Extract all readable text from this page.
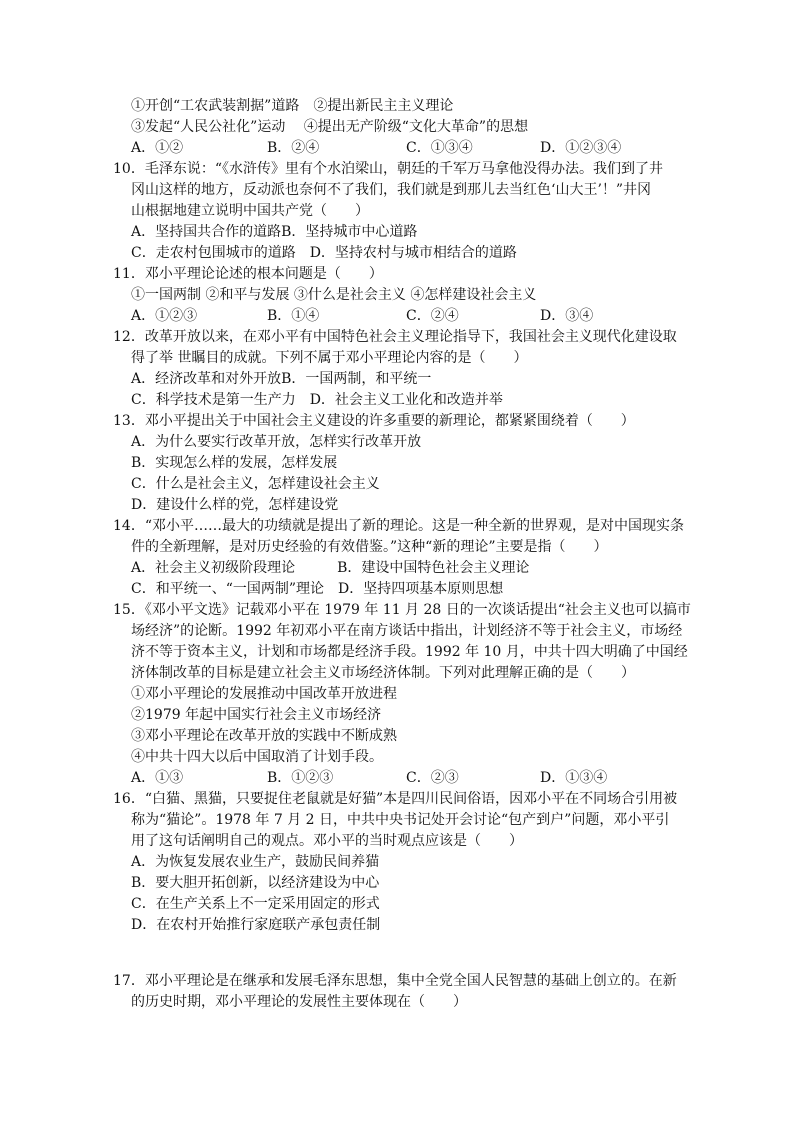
①开创“工农武装割据”道路　②提出新民主主义理论
③发起“人民公社化”运动　 ④提出无产阶级“文化大革命”的思想
A．①②	B．②④	C．①③④	D．①②③④
10．毛泽东说：“《水浒传》里有个水泊梁山，朝廷的千军万马拿他没得办法。我们到了井
冈山这样的地方，反动派也奈何不了我们，我们就是到那儿去当红色‘山大王’！”井冈
山根据地建立说明中国共产党（　　）
A．坚持国共合作的道路B．坚持城市中心道路
C．走农村包围城市的道路　D．坚持农村与城市相结合的道路
11．邓小平理论论述的根本问题是（　　）
①一国两制 ②和平与发展 ③什么是社会主义 ④怎样建设社会主义
A．①②③	B．①④	C．②④	D．③④
12．改革开放以来，在邓小平有中国特色社会主义理论指导下，我国社会主义现代化建设取
得了举 世瞩目的成就。下列不属于邓小平理论内容的是（　　）
A．经济改革和对外开放B．一国两制，和平统一
C．科学技术是第一生产力　D．社会主义工业化和改造并举
13．邓小平提出关于中国社会主义建设的许多重要的新理论，都紧紧围绕着（　　）
A．为什么要实行改革开放，怎样实行改革开放
B．实现怎么样的发展，怎样发展
C．什么是社会主义，怎样建设社会主义
D．建设什么样的党，怎样建设党
14．“邓小平……最大的功绩就是提出了新的理论。这是一种全新的世界观，是对中国现实条
件的全新理解，是对历史经验的有效借鉴。”这种“新的理论”主要是指（　　）
A．社会主义初级阶段理论　　　B．建设中国特色社会主义理论
C．和平统一、“一国两制”理论　D．坚持四项基本原则思想
15．《邓小平文选》记载邓小平在 1979 年 11 月 28 日的一次谈话提出“社会主义也可以搞市
场经济”的论断。1992 年初邓小平在南方谈话中指出，计划经济不等于社会主义，市场经
济不等于资本主义，计划和市场都是经济手段。1992 年 10 月，中共十四大明确了中国经
济体制改革的目标是建立社会主义市场经济体制。下列对此理解正确的是（　　）
①邓小平理论的发展推动中国改革开放进程
②1979 年起中国实行社会主义市场经济
③邓小平理论在改革开放的实践中不断成熟
④中共十四大以后中国取消了计划手段。
A．①③	B．①②③	C．②③	D．①③④
16．“白猫、黑猫，只要捉住老鼠就是好猫”本是四川民间俗语，因邓小平在不同场合引用被
称为“猫论”。1978 年 7 月 2 日，中共中央书记处开会讨论“包产到户”问题，邓小平引
用了这句话阐明自己的观点。邓小平的当时观点应该是（　　）
A．为恢复发展农业生产，鼓励民间养猫
B．要大胆开拓创新，以经济建设为中心
C．在生产关系上不一定采用固定的形式
D．在农村开始推行家庭联产承包责任制
17．邓小平理论是在继承和发展毛泽东思想，集中全党全国人民智慧的基础上创立的。在新
的历史时期，邓小平理论的发展性主要体现在（　　）
